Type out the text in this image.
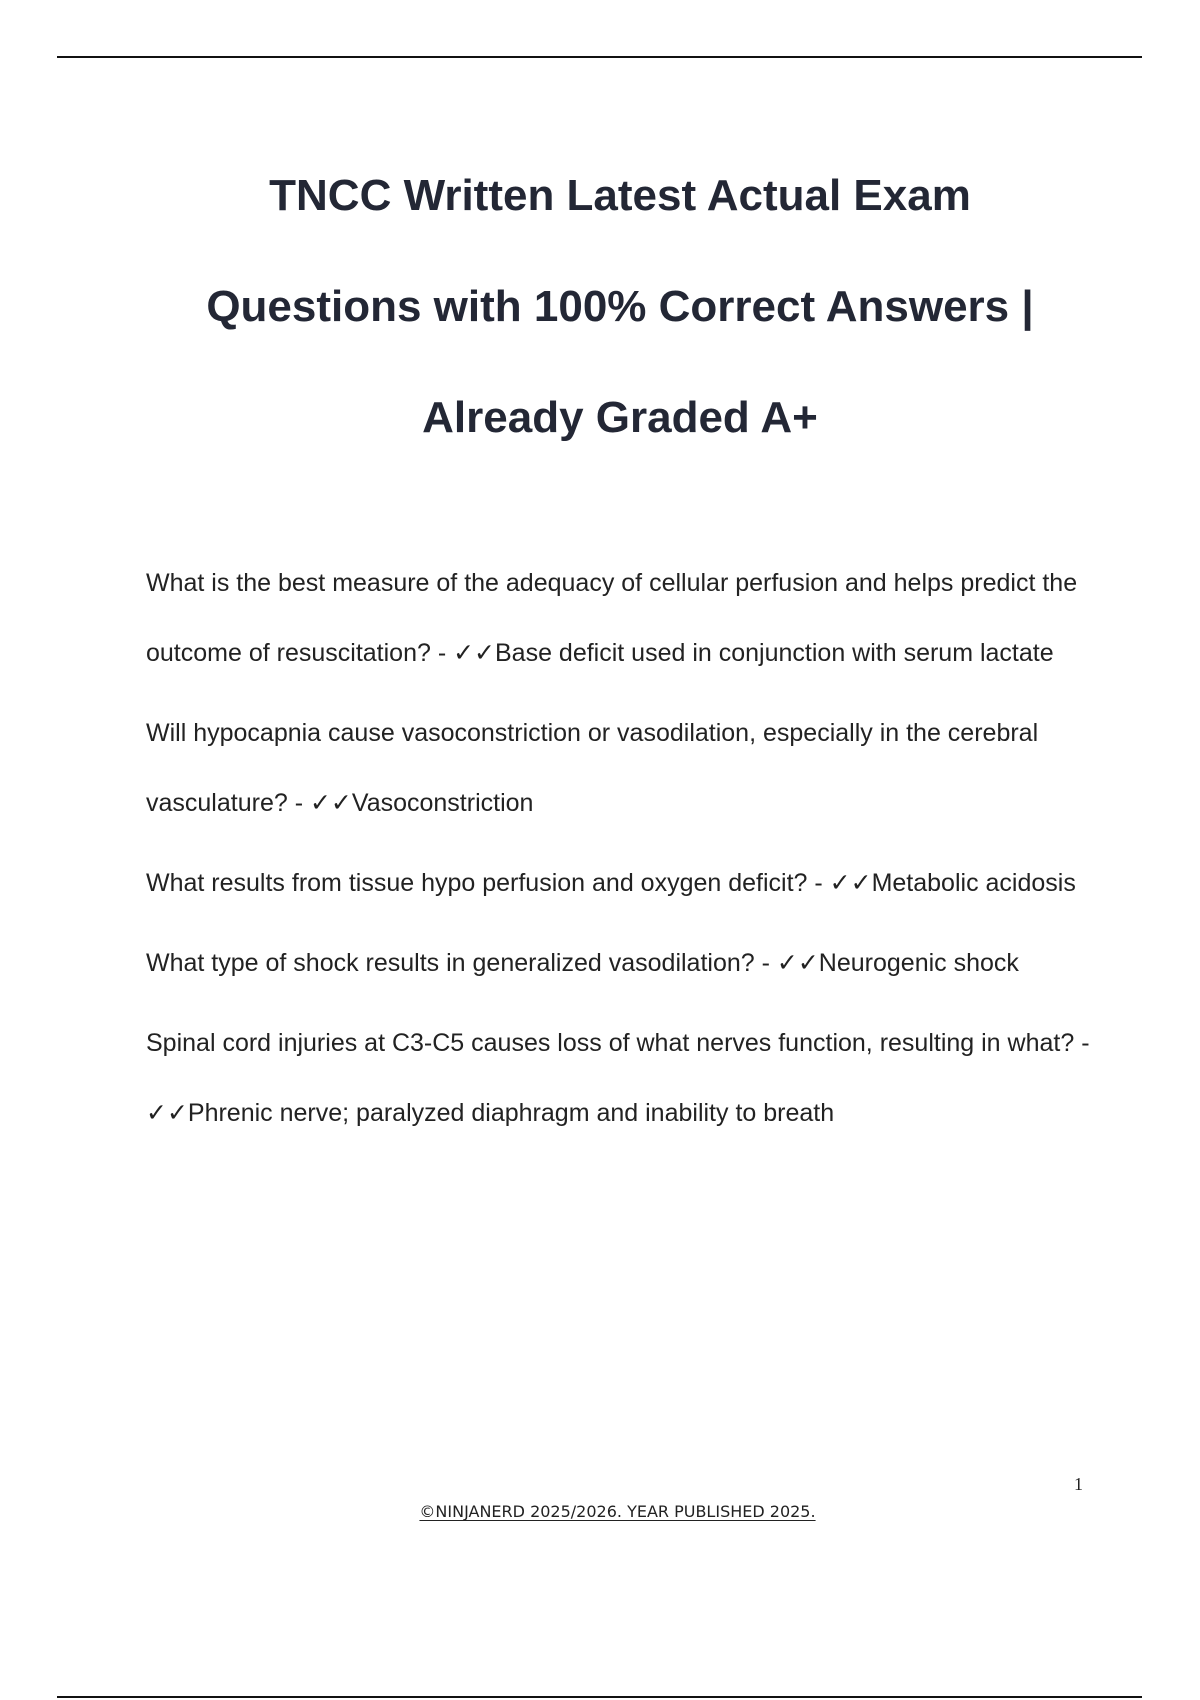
TNCC Written Latest Actual Exam
Questions with 100% Correct Answers |
Already Graded A+

What is the best measure of the adequacy of cellular perfusion and helps predict the outcome of resuscitation? - ✓✓Base deficit used in conjunction with serum lactate

Will hypocapnia cause vasoconstriction or vasodilation, especially in the cerebral vasculature? - ✓✓Vasoconstriction

What results from tissue hypo perfusion and oxygen deficit? - ✓✓Metabolic acidosis

What type of shock results in generalized vasodilation? - ✓✓Neurogenic shock

Spinal cord injuries at C3-C5 causes loss of what nerves function, resulting in what? - ✓✓Phrenic nerve; paralyzed diaphragm and inability to breath

1
©NINJANERD 2025/2026. YEAR PUBLISHED 2025.
